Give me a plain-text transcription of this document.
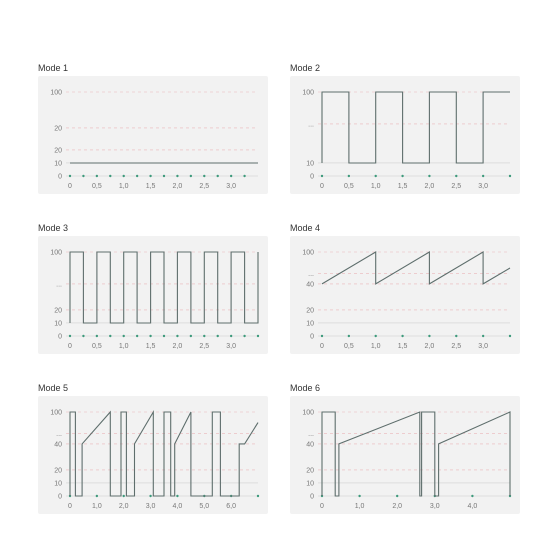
Mode 1
0
10
20
20
100
0	0,5 1,0 1,5 2,0 2,5 3,0
Mode 2
0
10
...
100
0	0,5 1,0 1,5 2,0 2,5 3,0
Mode 3
0
10
20
...
100
0	0,5 1,0 1,5 2,0 2,5 3,0
Mode 4
0
10
20
40
...
100
0	0,5 1,0 1,5 2,0 2,5 3,0
Mode 5
0
10
20
40
...
100
0	1,0 2,0 3,0 4,0 5,0 6,0
Mode 6
0
10
20
40
...
100
0	1,0	2,0	3,0	4,0
